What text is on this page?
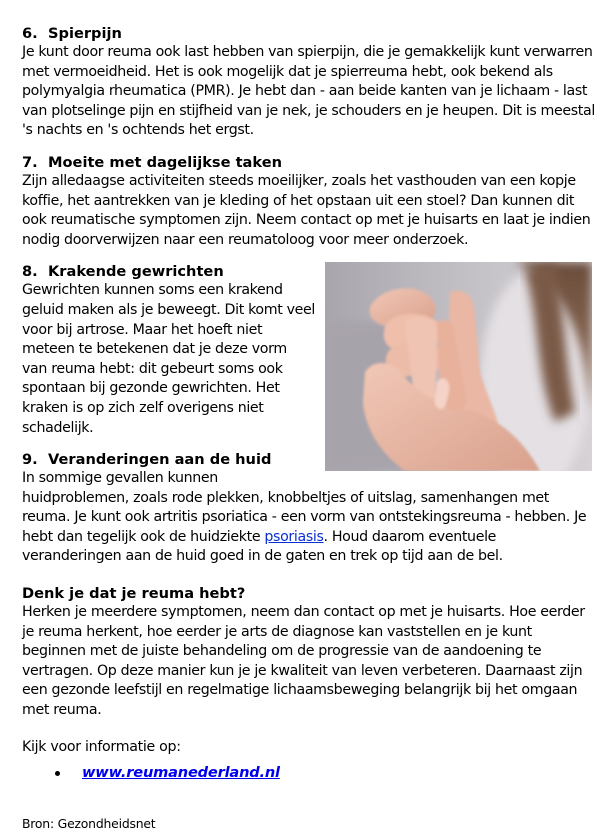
6. Spierpijn

Je kunt door reuma ook last hebben van spierpijn, die je gemakkelijk kunt verwarren met vermoeidheid. Het is ook mogelijk dat je spierreuma hebt, ook bekend als polymyalgia rheumatica (PMR). Je hebt dan - aan beide kanten van je lichaam - last van plotselinge pijn en stijfheid van je nek, je schouders en je heupen. Dit is meestal 's nachts en 's ochtends het ergst.

7. Moeite met dagelijkse taken

Zijn alledaagse activiteiten steeds moeilijker, zoals het vasthouden van een kopje koffie, het aantrekken van je kleding of het opstaan uit een stoel? Dan kunnen dit ook reumatische symptomen zijn. Neem contact op met je huisarts en laat je indien nodig doorverwijzen naar een reumatoloog voor meer onderzoek.

8. Krakende gewrichten

Gewrichten kunnen soms een krakend geluid maken als je beweegt. Dit komt veel voor bij artrose. Maar het hoeft niet meteen te betekenen dat je deze vorm van reuma hebt: dit gebeurt soms ook spontaan bij gezonde gewrichten. Het kraken is op zich zelf overigens niet schadelijk.

9. Veranderingen aan de huid

In sommige gevallen kunnen huidproblemen, zoals rode plekken, knobbeltjes of uitslag, samenhangen met reuma. Je kunt ook artritis psoriatica - een vorm van ontstekingsreuma - hebben. Je hebt dan tegelijk ook de huidziekte psoriasis. Houd daarom eventuele veranderingen aan de huid goed in de gaten en trek op tijd aan de bel.

Denk je dat je reuma hebt?

Herken je meerdere symptomen, neem dan contact op met je huisarts. Hoe eerder je reuma herkent, hoe eerder je arts de diagnose kan vaststellen en je kunt beginnen met de juiste behandeling om de progressie van de aandoening te vertragen. Op deze manier kun je je kwaliteit van leven verbeteren. Daarnaast zijn een gezonde leefstijl en regelmatige lichaamsbeweging belangrijk bij het omgaan met reuma.

Kijk voor informatie op:

www.reumanederland.nl

Bron: Gezondheidsnet
